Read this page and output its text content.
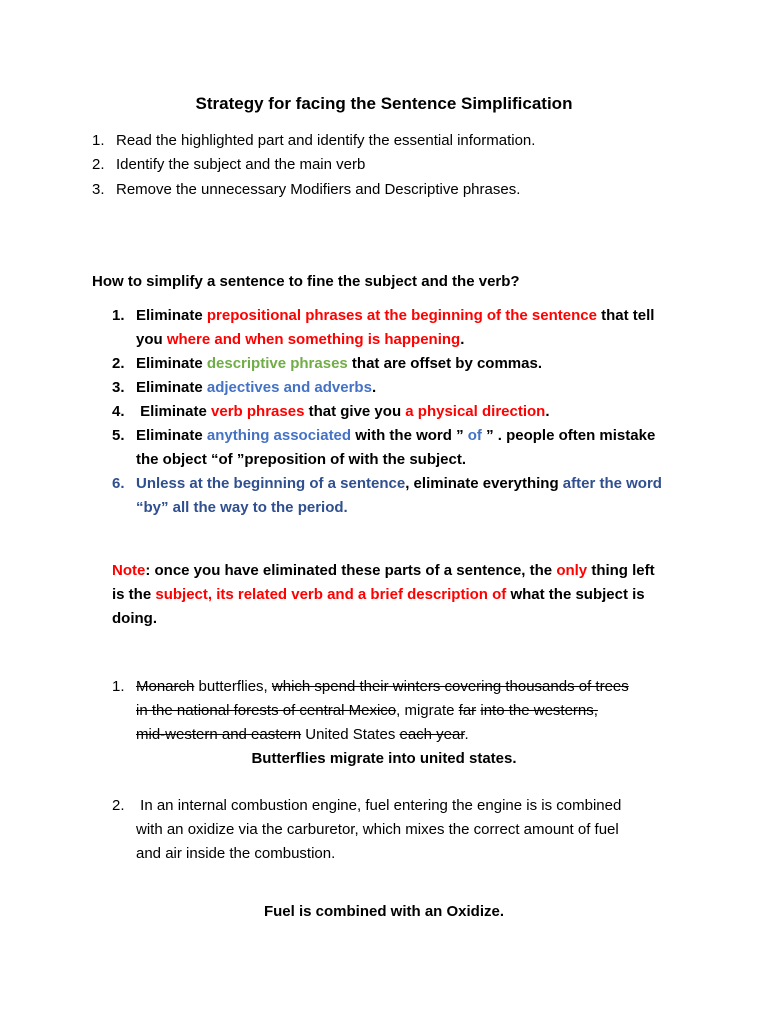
Strategy for facing the Sentence Simplification
1. Read the highlighted part and identify the essential information.
2. Identify the subject and the main verb
3. Remove the unnecessary Modifiers and Descriptive phrases.
How to simplify a sentence to fine the subject and the verb?
1. Eliminate prepositional phrases at the beginning of the sentence that tell
you where and when something is happening.
2. Eliminate descriptive phrases that are offset by commas.
3. Eliminate adjectives and adverbs.
4. Eliminate verb phrases that give you a physical direction.
5. Eliminate anything associated with the word ” of ” . people often mistake
the object “of ”preposition of with the subject.
6. Unless at the beginning of a sentence, eliminate everything after the word
“by” all the way to the period.
Note: once you have eliminated these parts of a sentence, the only thing left
is the subject, its related verb and a brief description of what the subject is
doing.
1. Monarch butterflies, which spend their winters covering thousands of trees
in the national forests of central Mexico, migrate far into the westerns,
mid-western and eastern United States each year.
Butterflies migrate into united states.
2. In an internal combustion engine, fuel entering the engine is is combined
with an oxidize via the carburetor, which mixes the correct amount of fuel
and air inside the combustion.
Fuel is combined with an Oxidize.
